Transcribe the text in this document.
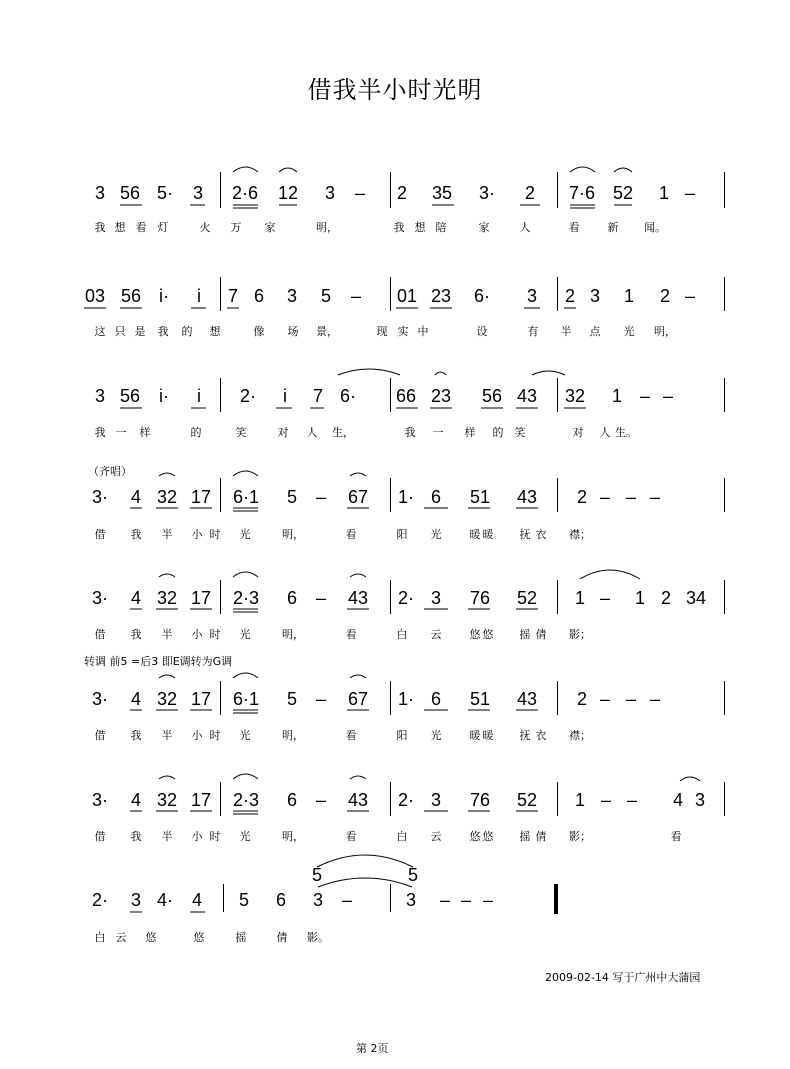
借我半小时光明
（齐唱）
转调 前5 =后3 即E调转为G调
2009-02-14 写于广州中大蒲园
第 2页
3 56 5· 3 2·6 12 3 – 2 35 3· 2 7·6 52 1 –
我 想 看 灯	火 万 家	明，	我 想 陪	家	人	看	新 闻。
03 56 i· i 7 6 3 5 – 01 23 6· 3 2 3 1 2 –
这 只 是 我 的 想	像 场 景，	现 实 中	设	有 半 点 光 明，
3 56 i· i 2· i 7 6· 66 23 56 43 32 1 – –
我 一 样	的	笑	对 人 生，	我 一 样 的 笑	对 人 生。
3· 4 32 17 6·1 5 – 67 1· 6 51 43 2 – – –
借 我 半 小 时 光	明，	看	阳 光	暖 暖 抚 衣 襟；
3· 4 32 17 2·3 6 – 43 2· 3 76 52 1 – 1 2 34
借 我 半 小 时 光	明，	看	白 云	悠 悠 摇 倩 影；
3· 4 32 17 6·1 5 – 67 1· 6 51 43 2 – – –
借 我 半 小 时 光	明，	看	阳 光	暖 暖 抚 衣 襟；
3· 4 32 17 2·3 6 – 43 2· 3 76 52 1 – – 4 3
借 我 半 小 时 光	明，	看	白 云	悠 悠 摇 倩 影；	看
2· 3 4· 4 5 6 3 –	3 – – –
5	5
白 云 悠	悠	摇	倩 影。
